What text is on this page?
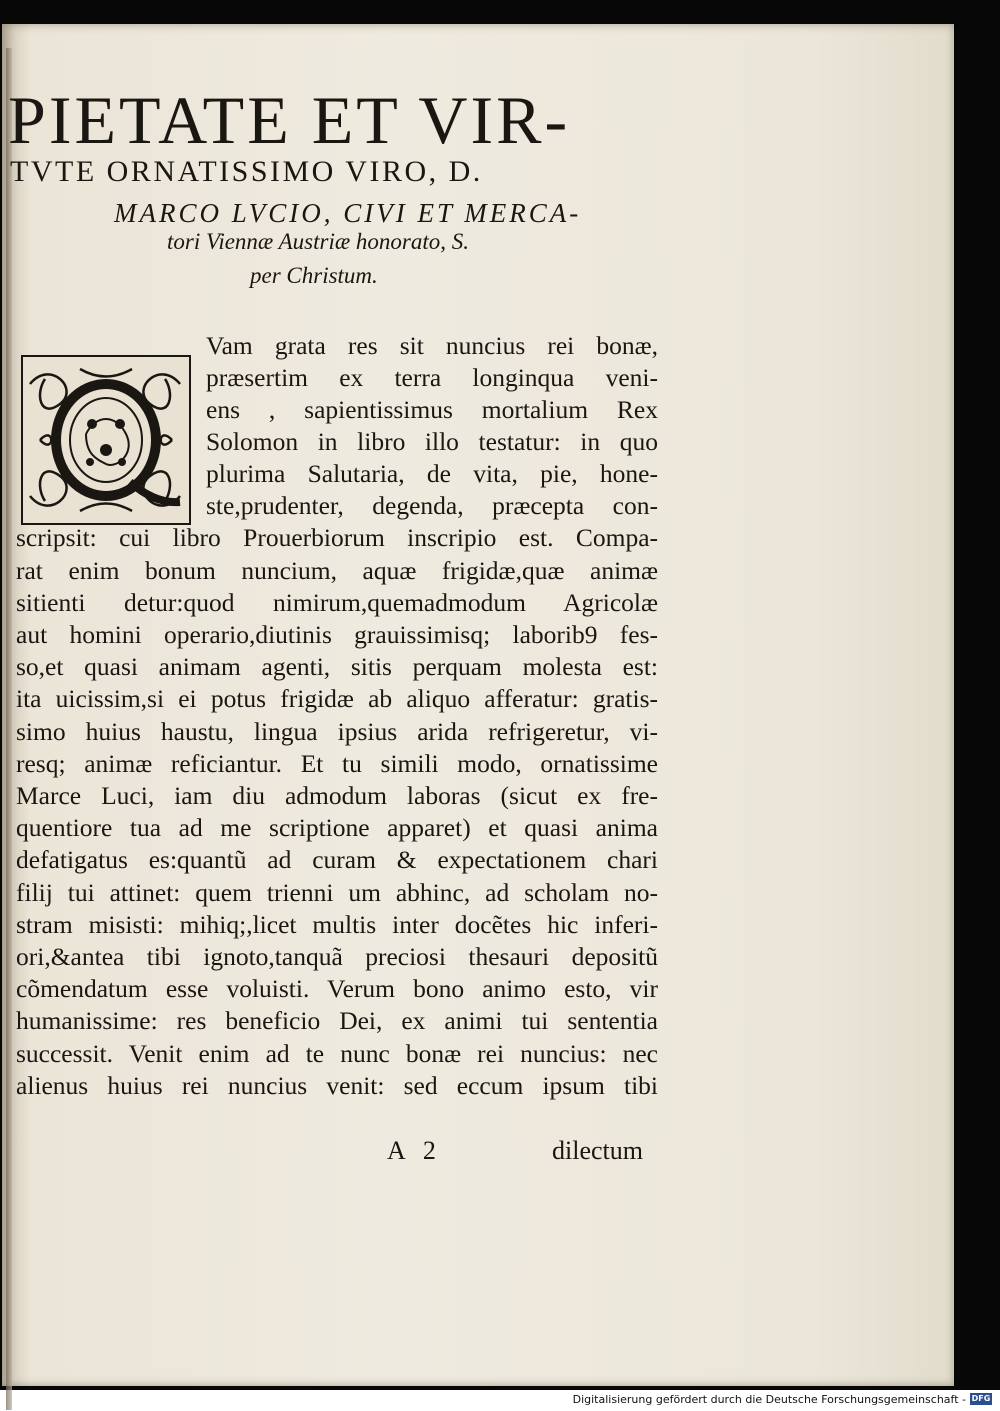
PIETATE ET VIR-
TVTE ORNATISSIMO VIRO, D.
MARCO LVCIO, CIVI ET MERCA-
tori Viennæ Austriæ honorato, S.
per Christum.
Vam grata res sit nuncius rei bonæ,
præsertim ex terra longinqua veni-
ens , sapientissimus mortalium Rex
Solomon in libro illo testatur: in quo
plurima Salutaria, de vita, pie, hone-
ste,prudenter, degenda, præcepta con-
scripsit: cui libro Prouerbiorum inscripio est. Compa-
rat enim bonum nuncium, aquæ frigidæ,quæ animæ
sitienti detur:quod nimirum,quemadmodum Agricolæ
aut homini operario,diutinis grauissimisq; laborib9 fes-
so,et quasi animam agenti, sitis perquam molesta est:
ita uicissim,si ei potus frigidæ ab aliquo afferatur: gratis-
simo huius haustu, lingua ipsius arida refrigeretur, vi-
resq; animæ reficiantur. Et tu simili modo, ornatissime
Marce Luci, iam diu admodum laboras (sicut ex fre-
quentiore tua ad me scriptione apparet) et quasi anima
defatigatus es:quantũ ad curam & expectationem chari
filij tui attinet: quem trienni um abhinc, ad scholam no-
stram misisti: mihiq;,licet multis inter docẽtes hic inferi-
ori,&antea tibi ignoto,tanquã preciosi thesauri depositũ
cõmendatum esse voluisti. Verum bono animo esto, vir
humanissime: res beneficio Dei, ex animi tui sententia
successit. Venit enim ad te nunc bonæ rei nuncius: nec
alienus huius rei nuncius venit: sed eccum ipsum tibi
A 2	dilectum
Digitalisierung gefördert durch die Deutsche Forschungsgemeinschaft - DFG
